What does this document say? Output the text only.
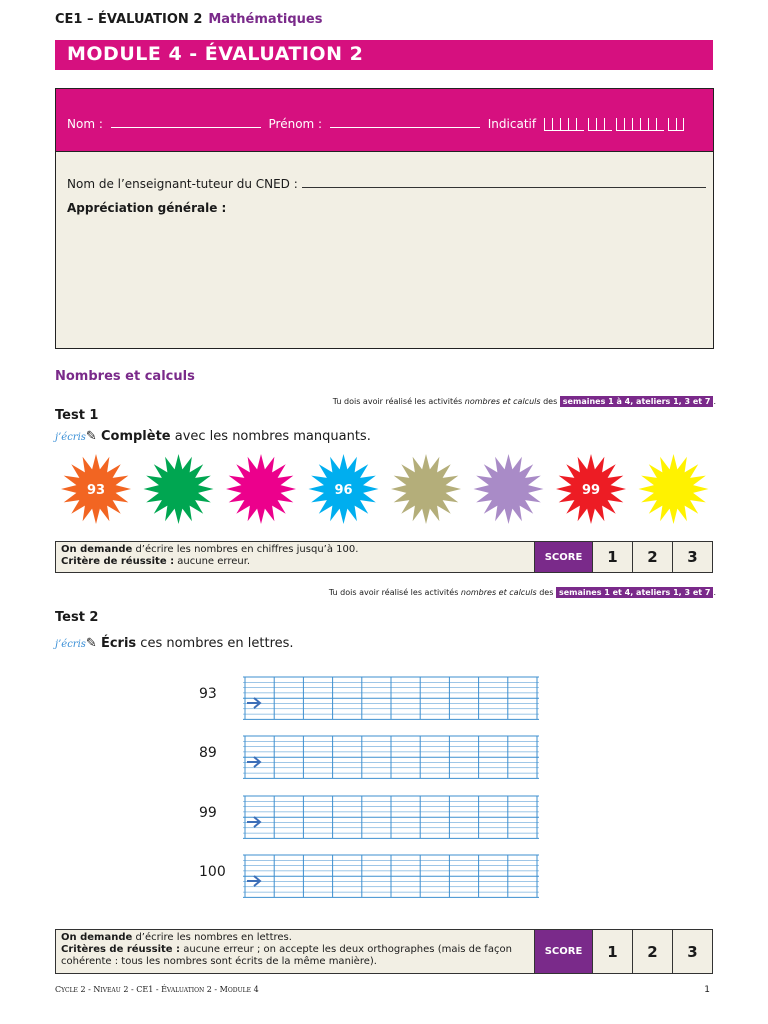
CE1 – ÉVALUATION 2 Mathématiques
MODULE 4 - ÉVALUATION 2
Nom :	Prénom :	Indicatif
Nom de l’enseignant-tuteur du CNED :
Appréciation générale :
Nombres et calculs
Tu dois avoir réalisé les activités nombres et calculs des semaines 1 à 4, ateliers 1, 3 et 7 .
Test 1
j’écris✎ Complète avec les nombres manquants.
93	96	99
On demande d’écrire les nombres en chiffres jusqu’à 100.
Critère de réussite : aucune erreur.	SCORE	1	2	3
Tu dois avoir réalisé les activités nombres et calculs des semaines 1 et 4, ateliers 1, 3 et 7 .
Test 2
j’écris✎ Écris ces nombres en lettres.
93
89
99
100
On demande d’écrire les nombres en lettres.
Critères de réussite : aucune erreur ; on accepte les deux orthographes (mais de façon cohérente : tous les nombres sont écrits de la même manière).
SCORE	1	2	3
Cycle 2 - Niveau 2 - CE1 - Évaluation 2 - Module 4	1
